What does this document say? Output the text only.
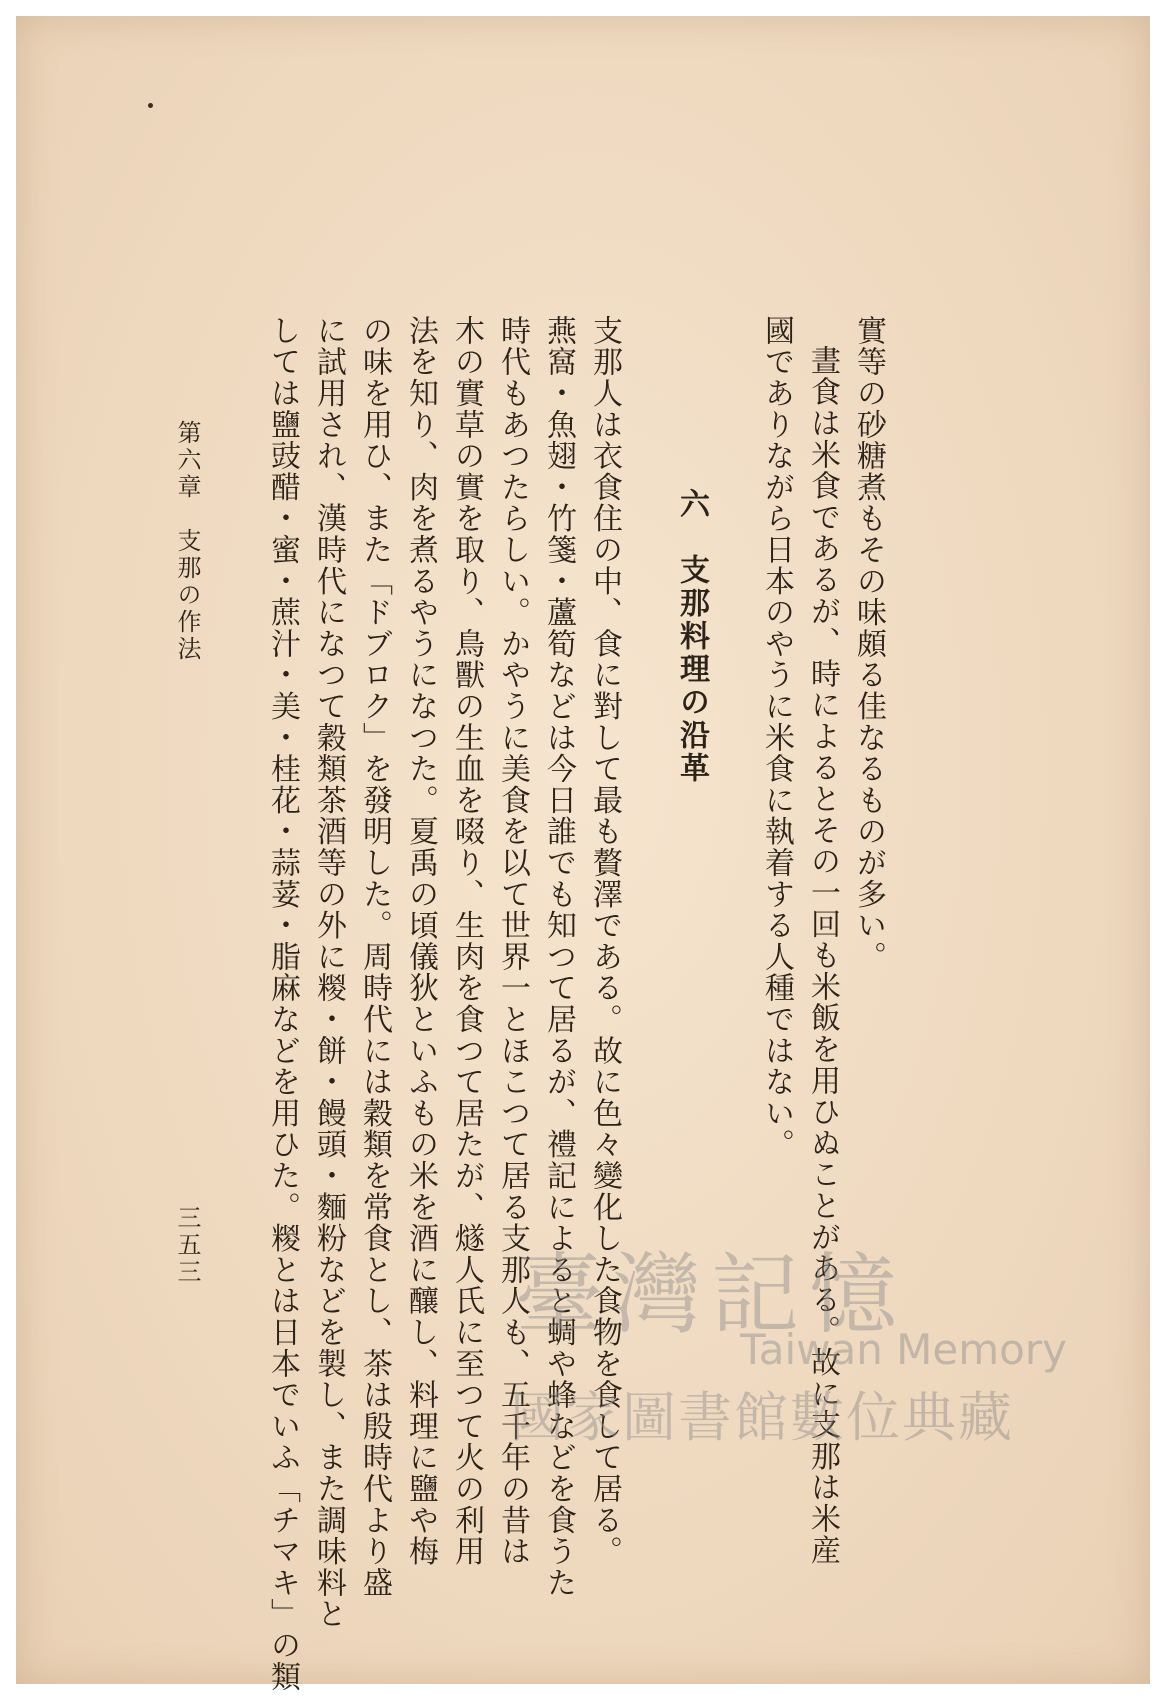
實等の砂糖煮もその味頗る佳なるものが多い。

晝食は米食であるが、時によるとその一回も米飯を用ひぬことがある。故に支那は米産

國でありながら日本のやうに米食に執着する人種ではない。

六　支那料理の沿革

支那人は衣食住の中、食に對して最も贅澤である。故に色々變化した食物を食して居る。

燕窩・魚翅・竹箋・蘆筍などは今日誰でも知つて居るが、禮記によると蜩や蜂などを食うた

時代もあつたらしい。かやうに美食を以て世界一とほこつて居る支那人も、五千年の昔は

木の實草の實を取り、鳥獸の生血を啜り、生肉を食つて居たが、燧人氏に至つて火の利用

法を知り、肉を煮るやうになつた。夏禹の頃儀狄といふもの米を酒に釀し、料理に鹽や梅

の味を用ひ、また「ドブロク」を發明した。周時代には穀類を常食とし、茶は殷時代より盛

に試用され、漢時代になつて穀類茶酒等の外に糉・餅・饅頭・麵粉などを製し、また調味料と

しては鹽豉醋・蜜・蔗汁・美・桂花・蒜荽・脂麻などを用ひた。糉とは日本でいふ「チマキ」の類

第六章　支那の作法

三五三	臺灣記憶
Taiwan Memory
國家圖書館數位典藏
